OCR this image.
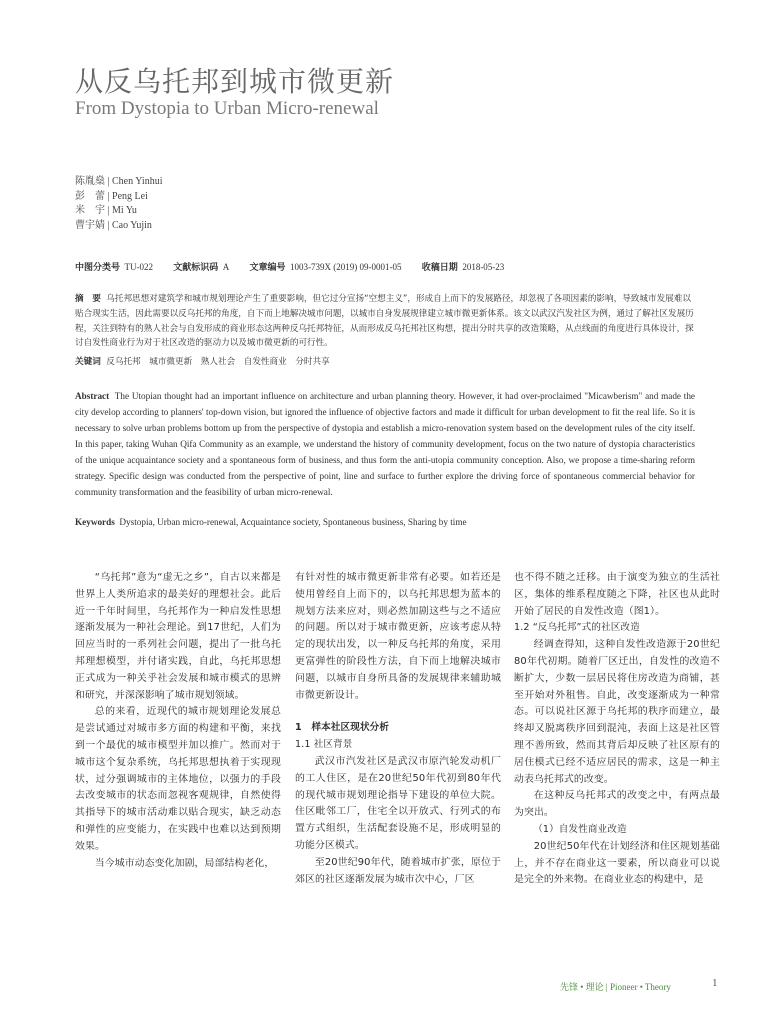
从反乌托邦到城市微更新
From Dystopia to Urban Micro-renewal
陈胤燊 | Chen Yinhui
彭　蕾 | Peng Lei
米　宇 | Mi Yu
曹宇婧 | Cao Yujin
中图分类号 TU-022 文献标识码 A 文章编号 1003-739X (2019) 09-0001-05 收稿日期 2018-05-23
摘　要 乌托邦思想对建筑学和城市规划理论产生了重要影响，但它过分宣扬“空想主义”，形成自上而下的发展路径，却忽视了各项因素的影响，导致城市发展难以贴合现实生活，因此需要以反乌托邦的角度，自下而上地解决城市问题，以城市自身发展规律建立城市微更新体系。该文以武汉汽发社区为例，通过了解社区发展历程，关注到特有的熟人社会与自发形成的商业形态这两种反乌托邦特征，从而形成反乌托邦社区构想，提出分时共享的改造策略，从点线面的角度进行具体设计，探讨自发性商业行为对于社区改造的驱动力以及城市微更新的可行性。
关键词 反乌托邦　城市微更新　熟人社会　自发性商业　分时共享
Abstract The Utopian thought had an important influence on architecture and urban planning theory. However, it had over-proclaimed "Micawberism" and made the city develop according to planners' top-down vision, but ignored the influence of objective factors and made it difficult for urban development to fit the real life. So it is necessary to solve urban problems bottom up from the perspective of dystopia and establish a micro-renovation system based on the development rules of the city itself. In this paper, taking Wuhan Qifa Community as an example, we understand the history of community development, focus on the two nature of dystopia characteristics of the unique acquaintance society and a spontaneous form of business, and thus form the anti-utopia community conception. Also, we propose a time-sharing reform strategy. Specific design was conducted from the perspective of point, line and surface to further explore the driving force of spontaneous commercial behavior for community transformation and the feasibility of urban micro-renewal.
Keywords Dystopia, Urban micro-renewal, Acquaintance society, Spontaneous business, Sharing by time

“乌托邦”意为“虚无之乡”，自古以来都是世界上人类所追求的最美好的理想社会。此后近一千年时间里，乌托邦作为一种启发性思想逐渐发展为一种社会理论。到17世纪，人们为回应当时的一系列社会问题，提出了一批乌托邦理想模型，并付诸实践，自此，乌托邦思想正式成为一种关乎社会发展和城市模式的思辨和研究，并深深影响了城市规划领域。

总的来看，近现代的城市规划理论发展总是尝试通过对城市多方面的构建和平衡，来找到一个最优的城市模型并加以推广。然而对于城市这个复杂系统，乌托邦思想执着于实现现状，过分强调城市的主体地位，以强力的手段去改变城市的状态而忽视客观规律，自然使得其指导下的城市活动难以贴合现实，缺乏动态和弹性的应变能力，在实践中也难以达到预期效果。

当今城市动态变化加剧，局部结构老化，

有针对性的城市微更新非常有必要。如若还是使用曾经自上而下的，以乌托邦思想为蓝本的规划方法来应对，则必然加剧这些与之不适应的问题。所以对于城市微更新，应该考虑从特定的现状出发，以一种反乌托邦的角度，采用更富弹性的阶段性方法，自下而上地解决城市问题，以城市自身所具备的发展规律来辅助城市微更新设计。

1　样本社区现状分析
1.1 社区背景

武汉市汽发社区是武汉市原汽轮发动机厂的工人住区，是在20世纪50年代初到80年代的现代城市规划理论指导下建设的单位大院。住区毗邻工厂，住宅全以开放式、行列式的布置方式组织，生活配套设施不足，形成明显的功能分区模式。

至20世纪90年代，随着城市扩张，原位于郊区的社区逐渐发展为城市次中心，厂区

也不得不随之迁移。由于演变为独立的生活社区，集体的维系程度随之下降，社区也从此时开始了居民的自发性改造（图1）。

1.2 “反乌托邦”式的社区改造

经调查得知，这种自发性改造源于20世纪80年代初期。随着厂区迁出，自发性的改造不断扩大，少数一层居民将住房改造为商铺，甚至开始对外租售。自此，改变逐渐成为一种常态。可以说社区源于乌托邦的秩序而建立，最终却又脱离秩序回到混沌，表面上这是社区管理不善所致，然而其背后却反映了社区原有的居住模式已经不适应居民的需求，这是一种主动表乌托邦式的改变。

在这种反乌托邦式的改变之中，有两点最为突出。

（1）自发性商业改造

20世纪50年代在计划经济和住区规划基础上，并不存在商业这一要素，所以商业可以说是完全的外来物。在商业业态的构建中，是

先锋 • 理论 | Pioneer • Theory	1
